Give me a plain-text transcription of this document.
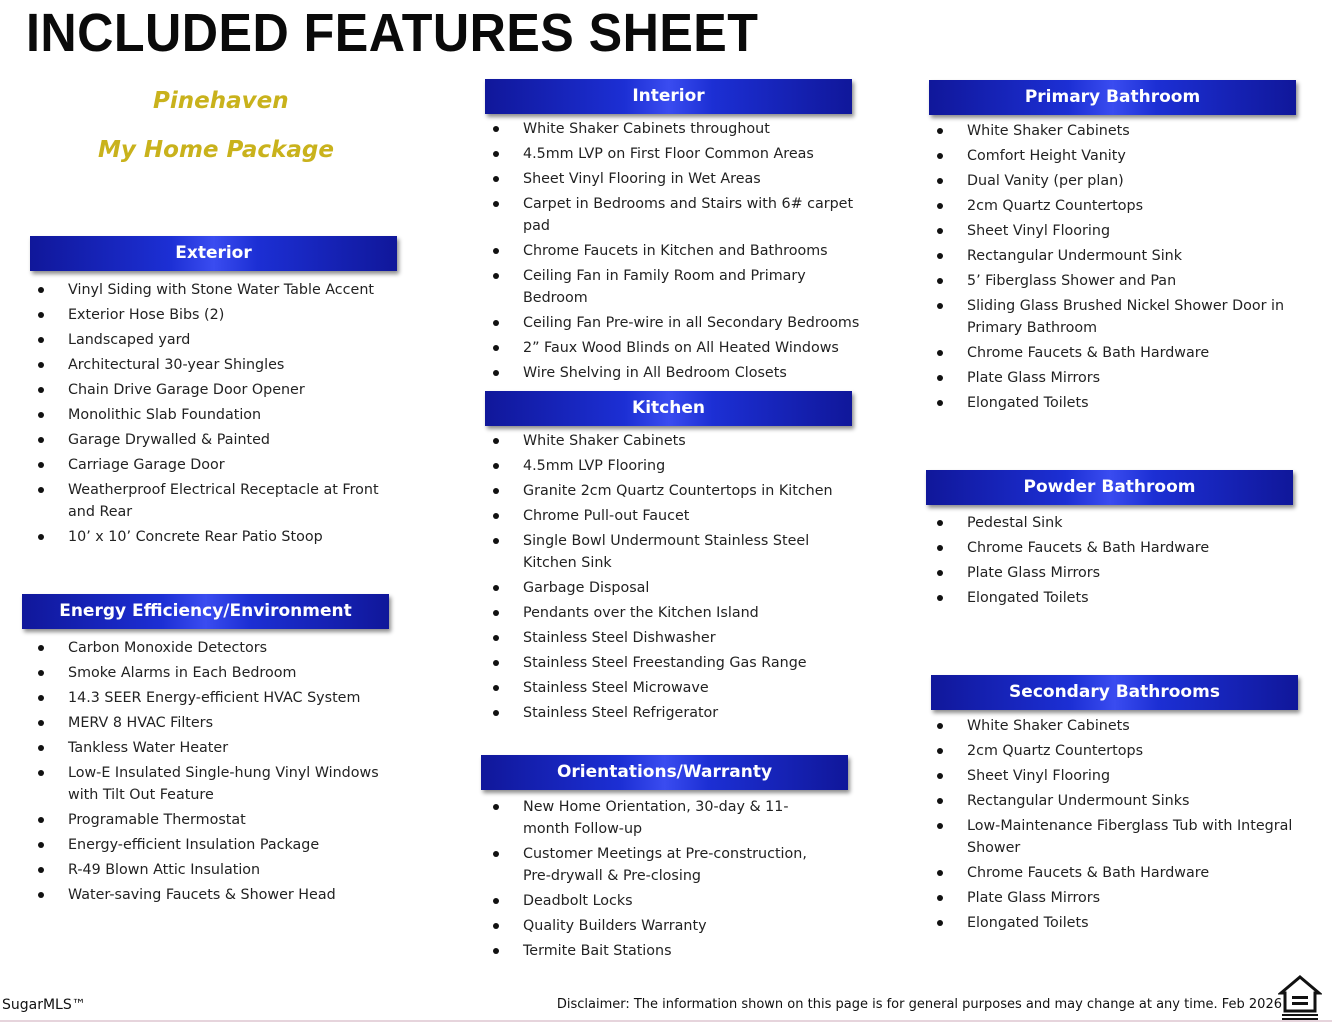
INCLUDED FEATURES SHEET

Pinehaven

My Home Package

Exterior
Vinyl Siding with Stone Water Table Accent
Exterior Hose Bibs (2)
Landscaped yard
Architectural 30-year Shingles
Chain Drive Garage Door Opener
Monolithic Slab Foundation
Garage Drywalled & Painted
Carriage Garage Door
Weatherproof Electrical Receptacle at Front and Rear
10’ x 10’ Concrete Rear Patio Stoop
Energy Efficiency/Environment
Carbon Monoxide Detectors
Smoke Alarms in Each Bedroom
14.3 SEER Energy-efficient HVAC System
MERV 8 HVAC Filters
Tankless Water Heater
Low-E Insulated Single-hung Vinyl Windows with Tilt Out Feature
Programable Thermostat
Energy-efficient Insulation Package
R-49 Blown Attic Insulation
Water-saving Faucets & Shower Head
Interior
White Shaker Cabinets throughout
4.5mm LVP on First Floor Common Areas
Sheet Vinyl Flooring in Wet Areas
Carpet in Bedrooms and Stairs with 6# carpet pad
Chrome Faucets in Kitchen and Bathrooms
Ceiling Fan in Family Room and Primary Bedroom
Ceiling Fan Pre-wire in all Secondary Bedrooms
2” Faux Wood Blinds on All Heated Windows
Wire Shelving in All Bedroom Closets
Kitchen
White Shaker Cabinets
4.5mm LVP Flooring
Granite 2cm Quartz Countertops in Kitchen
Chrome Pull-out Faucet
Single Bowl Undermount Stainless Steel Kitchen Sink
Garbage Disposal
Pendants over the Kitchen Island
Stainless Steel Dishwasher
Stainless Steel Freestanding Gas Range
Stainless Steel Microwave
Stainless Steel Refrigerator
Orientations/Warranty
New Home Orientation, 30-day & 11-month Follow-up
Customer Meetings at Pre-construction, Pre-drywall & Pre-closing
Deadbolt Locks
Quality Builders Warranty
Termite Bait Stations
Primary Bathroom
White Shaker Cabinets
Comfort Height Vanity
Dual Vanity (per plan)
2cm Quartz Countertops
Sheet Vinyl Flooring
Rectangular Undermount Sink
5’ Fiberglass Shower and Pan
Sliding Glass Brushed Nickel Shower Door in Primary Bathroom
Chrome Faucets & Bath Hardware
Plate Glass Mirrors
Elongated Toilets
Powder Bathroom
Pedestal Sink
Chrome Faucets & Bath Hardware
Plate Glass Mirrors
Elongated Toilets
Secondary Bathrooms
White Shaker Cabinets
2cm Quartz Countertops
Sheet Vinyl Flooring
Rectangular Undermount Sinks
Low-Maintenance Fiberglass Tub with Integral Shower
Chrome Faucets & Bath Hardware
Plate Glass Mirrors
Elongated Toilets
Disclaimer: The information shown on this page is for general purposes and may change at any time. Feb 2026
SugarMLS™
